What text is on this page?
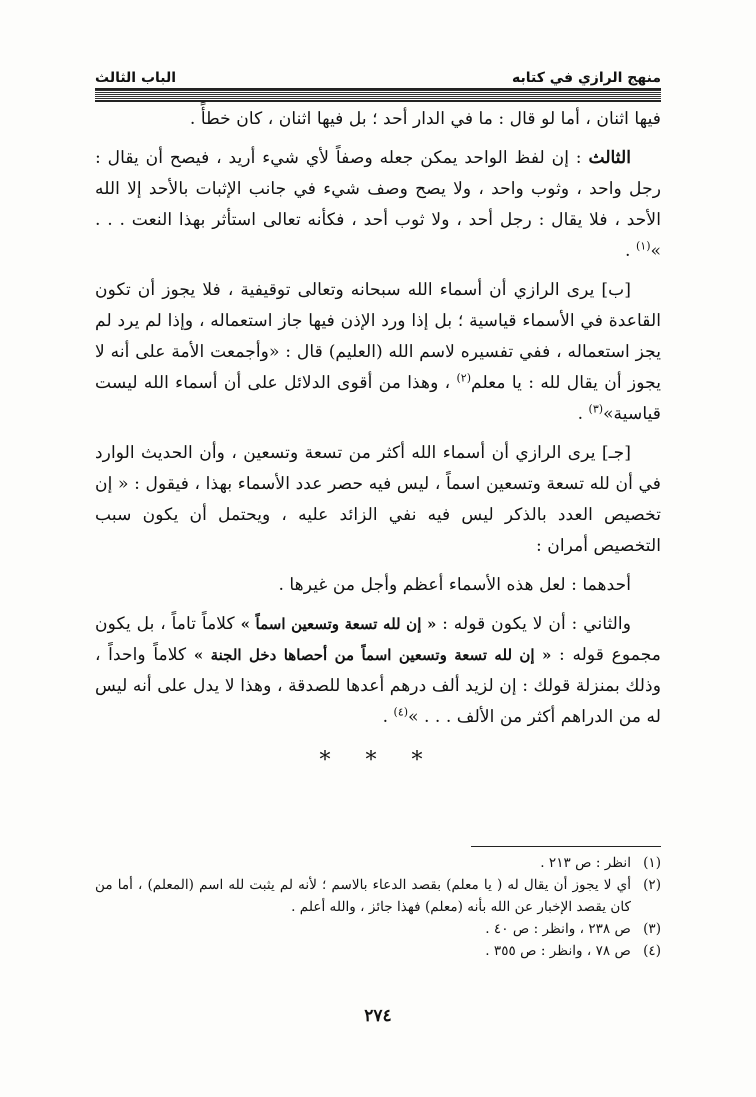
منهج الرازي في كتابه
الباب الثالث

فيها اثنان ، أما لو قال : ما في الدار أحد ؛ بل فيها اثنان ، كان خطأً .

الثالث : إن لفظ الواحد يمكن جعله وصفاً لأي شيء أريد ، فيصح أن يقال : رجل واحد ، وثوب واحد ، ولا يصح وصف شيء في جانب الإثبات بالأحد إلا الله الأحد ، فلا يقال : رجل أحد ، ولا ثوب أحد ، فكأنه تعالى استأثر بهذا النعت . . . »$^{(١)}$ .

[ب] يرى الرازي أن أسماء الله سبحانه وتعالى توقيفية ، فلا يجوز أن تكون القاعدة في الأسماء قياسية ؛ بل إذا ورد الإذن فيها جاز استعماله ، وإذا لم يرد لم يجز استعماله ، ففي تفسيره لاسم الله (العليم) قال : «وأجمعت الأمة على أنه لا يجوز أن يقال لله : يا معلم$^{(٢)}$ ، وهذا من أقوى الدلائل على أن أسماء الله ليست قياسية»$^{(٣)}$ .

[جـ] يرى الرازي أن أسماء الله أكثر من تسعة وتسعين ، وأن الحديث الوارد في أن لله تسعة وتسعين اسماً ، ليس فيه حصر عدد الأسماء بهذا ، فيقول : « إن تخصيص العدد بالذكر ليس فيه نفي الزائد عليه ، ويحتمل أن يكون سبب التخصيص أمران :

أحدهما : لعل هذه الأسماء أعظم وأجل من غيرها .

والثاني : أن لا يكون قوله : « إن لله تسعة وتسعين اسماً » كلاماً تاماً ، بل يكون مجموع قوله : « إن لله تسعة وتسعين اسماً من أحصاها دخل الجنة » كلاماً واحداً ، وذلك بمنزلة قولك : إن لزيد ألف درهم أعدها للصدقة ، وهذا لا يدل على أنه ليس له من الدراهم أكثر من الألف . . . »$^{(٤)}$ .

* * *
(١)
انظر : ص ٢١٣ .
(٢)
أي لا يجوز أن يقال له ( يا معلم) بقصد الدعاء بالاسم ؛ لأنه لم يثبت لله اسم (المعلم) ، أما من كان يقصد الإخبار عن الله بأنه (معلم) فهذا جائز ، والله أعلم .
(٣)
ص ٢٣٨ ، وانظر : ص ٤٠ .
(٤)
ص ٧٨ ، وانظر : ص ٣٥٥ .
٢٧٤
